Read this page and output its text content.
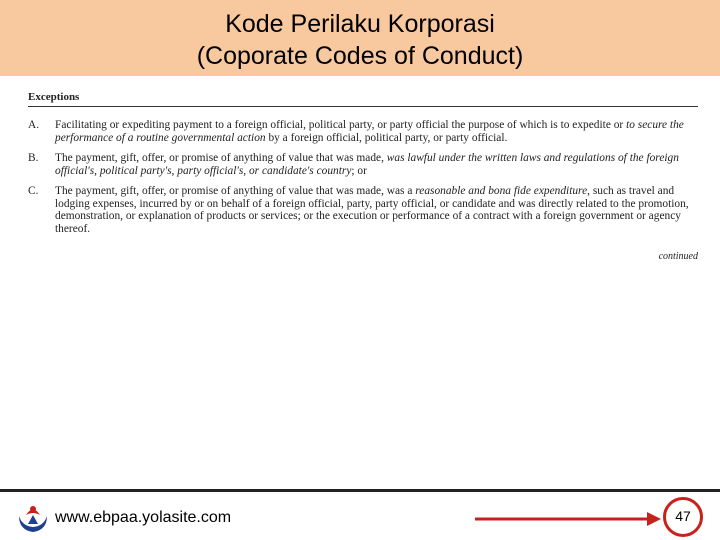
Kode Perilaku Korporasi
(Coporate Codes of Conduct)
Exceptions
A. Facilitating or expediting payment to a foreign official, political party, or party official the purpose of which is to expedite or to secure the performance of a routine governmental action by a foreign official, political party, or party official.
B. The payment, gift, offer, or promise of anything of value that was made, was lawful under the written laws and regulations of the foreign official's, political party's, party official's, or candidate's country; or
C. The payment, gift, offer, or promise of anything of value that was made, was a reasonable and bona fide expenditure, such as travel and lodging expenses, incurred by or on behalf of a foreign official, party, party official, or candidate and was directly related to the promotion, demonstration, or explanation of products or services; or the execution or performance of a contract with a foreign government or agency thereof.
continued
www.ebpaa.yolasite.com	47
